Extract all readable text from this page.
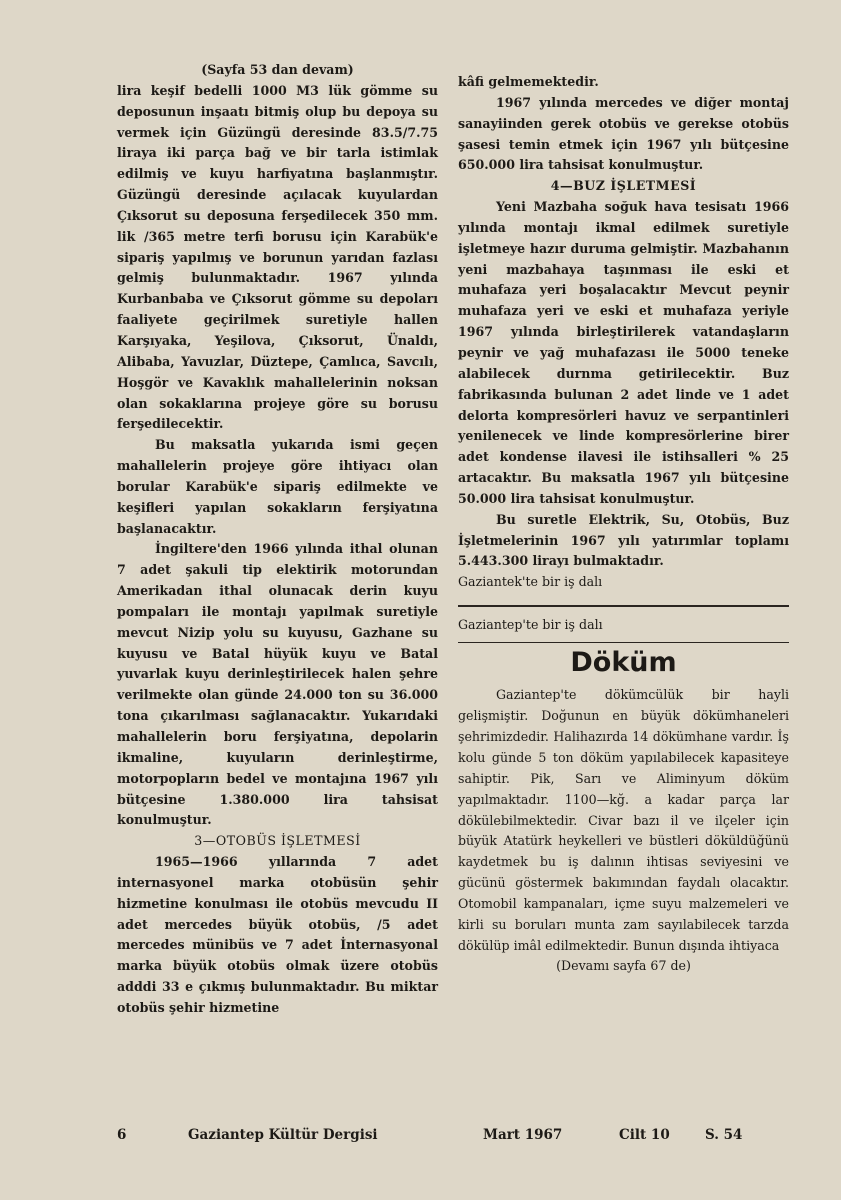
(Sayfa 53 dan devam)

lira keşif bedelli 1000 M3 lük gömme su deposunun inşaatı bitmiş olup bu depoya su vermek için Güzüngü deresinde 83.5/7.75 liraya iki parça bağ ve bir tarla istimlak edilmiş ve kuyu harfiyatına başlanmıştır. Güzüngü deresinde açılacak kuyulardan Çıksorut su deposuna ferşedilecek 350 mm. lik /365 metre terfi borusu için Karabük'e sipariş yapılmış ve borunun yarıdan fazlası gelmiş bulunmaktadır. 1967 yılında Kurbanbaba ve Çıksorut gömme su depoları faaliyete geçirilmek suretiyle hallen Karşıyaka, Yeşilova, Çıksorut, Ünaldı, Alibaba, Yavuzlar, Düztepe, Çamlıca, Savcılı, Hoşgör ve Kavaklık mahallelerinin noksan olan sokaklarına projeye göre su borusu ferşedilecektir.

Bu maksatla yukarıda ismi geçen mahallelerin projeye göre ihtiyacı olan borular Karabük'e sipariş edilmekte ve keşifleri yapılan sokakların ferşiyatına başlanacaktır.

İngiltere'den 1966 yılında ithal olunan 7 adet şakuli tip elektirik motorundan Amerikadan ithal olunacak derin kuyu pompaları ile montajı yapılmak suretiyle mevcut Nizip yolu su kuyusu, Gazhane su kuyusu ve Batal hüyük kuyu ve Batal yuvarlak kuyu derinleştirilecek halen şehre verilmekte olan günde 24.000 ton su 36.000 tona çıkarılması sağlanacaktır. Yukarıdaki mahallelerin boru ferşiyatına, depolarin ikmaline, kuyuların derinleştirme, motorpopların bedel ve montajına 1967 yılı bütçesine 1.380.000 lira tahsisat konulmuştur.

3—OTOBÜS İŞLETMESİ

1965—1966 yıllarında 7 adet internasyonel marka otobüsün şehir hizmetine konulması ile otobüs mevcudu II adet mercedes büyük otobüs, /5 adet mercedes münibüs ve 7 adet İnternasyonal marka büyük otobüs olmak üzere otobüs adddi 33 e çıkmış bulunmaktadır. Bu miktar otobüs şehir hizmetine

kâfi gelmemektedir.

1967 yılında mercedes ve diğer montaj sanayiinden gerek otobüs ve gerekse otobüs şasesi temin etmek için 1967 yılı bütçesine 650.000 lira tahsisat konulmuştur.

4—BUZ İŞLETMESİ

Yeni Mazbaha soğuk hava tesisatı 1966 yılında montajı ikmal edilmek suretiyle işletmeye hazır duruma gelmiştir. Mazbahanın yeni mazbahaya taşınması ile eski et muhafaza yeri boşalacaktır Mevcut peynir muhafaza yeri ve eski et muhafaza yeriyle 1967 yılında birleştirilerek vatandaşların peynir ve yağ muhafazası ile 5000 teneke alabilecek durnma getirilecektir. Buz fabrikasında bulunan 2 adet linde ve 1 adet delorta kompresörleri havuz ve serpantinleri yenilenecek ve linde kompresörlerine birer adet kondense ilavesi ile istihsalleri % 25 artacaktır. Bu maksatla 1967 yılı bütçesine 50.000 lira tahsisat konulmuştur.

Bu suretle Elektrik, Su, Otobüs, Buz İşletmelerinin 1967 yılı yatırımlar toplamı 5.443.300 lirayı bulmaktadır.

Gaziantek'te bir iş dalı

Gaziantep'te bir iş dalı

Döküm

Gaziantep'te dökümcülük bir hayli gelişmiştir. Doğunun en büyük dökümhaneleri şehrimizdedir. Halihazırda 14 dökümhane vardır. İş kolu günde 5 ton döküm yapılabilecek kapasiteye sahiptir. Pik, Sarı ve Aliminyum döküm yapılmaktadır. 1100—kğ. a kadar parça lar dökülebilmektedir. Civar bazı il ve ilçeler için büyük Atatürk heykelleri ve büstleri döküldüğünü kaydetmek bu iş dalının ihtisas seviyesini ve gücünü göstermek bakımından faydalı olacaktır. Otomobil kampanaları, içme suyu malzemeleri ve kirli su boruları munta zam sayılabilecek tarzda dökülüp imâl edilmektedir. Bunun dışında ihtiyaca

(Devamı sayfa 67 de)

6	Gaziantep Kültür Dergisi	Mart 1967	Cilt 10	S. 54
